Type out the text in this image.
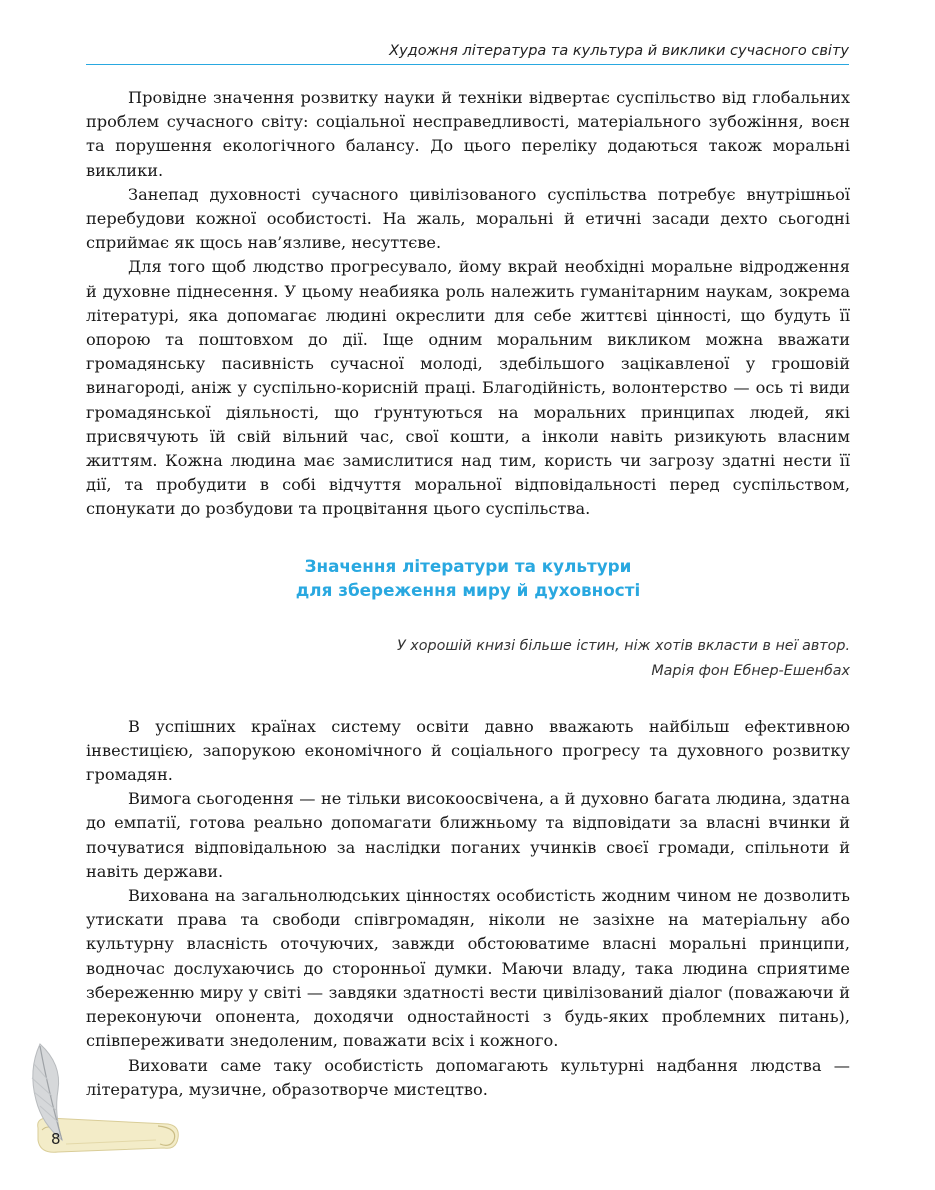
Художня література та культура й виклики сучасного світу

Провідне значення розвитку науки й техніки відвертає суспільство від глобальних проблем сучасного світу: соціальної несправедливості, матеріального зубожіння, воєн та порушення екологічного балансу. До цього переліку додаються також моральні виклики.

Занепад духовності сучасного цивілізованого суспільства потребує внутрішньої перебудови кожної особистості. На жаль, моральні й етичні засади дехто сьогодні сприймає як щось нав’язливе, несуттєве.

Для того щоб людство прогресувало, йому вкрай необхідні моральне відродження й духовне піднесення. У цьому неабияка роль належить гуманітарним наукам, зокрема літературі, яка допомагає людині окреслити для себе життєві цінності, що будуть її опорою та поштовхом до дії. Іще одним моральним викликом можна вважати громадянську пасивність сучасної молоді, здебільшого зацікавленої у грошовій винагороді, аніж у суспільно-корисній праці. Благодійність, волонтерство — ось ті види громадянської діяльності, що ґрунтуються на моральних принципах людей, які присвячують їй свій вільний час, свої кошти, а інколи навіть ризикують власним життям. Кожна людина має замислитися над тим, користь чи загрозу здатні нести її дії, та пробудити в собі відчуття моральної відповідальності перед суспільством, спонукати до розбудови та процвітання цього суспільства.

Значення літератури та культури
для збереження миру й духовності
У хорошій книзі більше істин, ніж хотів вкласти в неї автор.
Марія фон Ебнер-Ешенбах

В успішних країнах систему освіти давно вважають найбільш ефективною інвестицією, запорукою економічного й соціального прогресу та духовного розвитку громадян.

Вимога сьогодення — не тільки високоосвічена, а й духовно багата людина, здатна до емпатії, готова реально допомагати ближньому та відповідати за власні вчинки й почуватися відповідальною за наслідки поганих учинків своєї громади, спільноти й навіть держави.

Вихована на загальнолюдських цінностях особистість жодним чином не дозволить утискати права та свободи співгромадян, ніколи не зазіхне на матеріальну або культурну власність оточуючих, завжди обстоюватиме власні моральні принципи, водночас дослухаючись до сторонньої думки. Маючи владу, така людина сприятиме збереженню миру у світі — завдяки здатності вести цивілізований діалог (поважаючи й переконуючи опонента, доходячи одностайності з будь-яких проблемних питань), співпереживати знедоленим, поважати всіх і кожного.

Виховати саме таку особистість допомагають культурні надбання людства — література, музичне, образотворче мистецтво.

8
